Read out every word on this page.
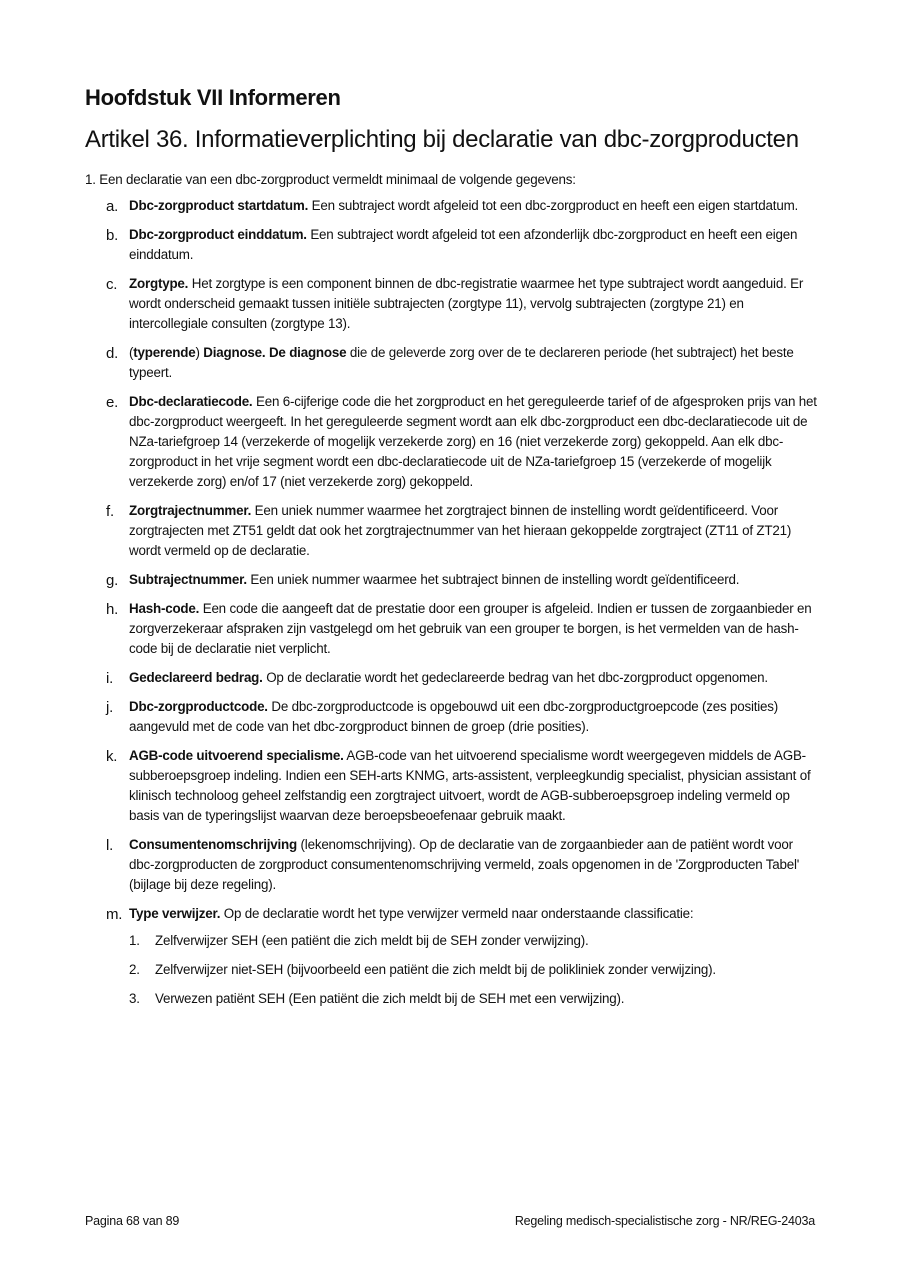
Hoofdstuk VII Informeren
Artikel 36. Informatieverplichting bij declaratie van dbc-zorgproducten

1. Een declaratie van een dbc-zorgproduct vermeldt minimaal de volgende gegevens:

a. Dbc-zorgproduct startdatum. Een subtraject wordt afgeleid tot een dbc-zorgproduct en heeft een eigen startdatum.
b. Dbc-zorgproduct einddatum. Een subtraject wordt afgeleid tot een afzonderlijk dbc-zorgproduct en heeft een eigen einddatum.
c. Zorgtype. Het zorgtype is een component binnen de dbc-registratie waarmee het type subtraject wordt aangeduid. Er wordt onderscheid gemaakt tussen initiële subtrajecten (zorgtype 11), vervolg subtrajecten (zorgtype 21) en intercollegiale consulten (zorgtype 13).
d. (typerende) Diagnose. De diagnose die de geleverde zorg over de te declareren periode (het subtraject) het beste typeert.
e. Dbc-declaratiecode. Een 6-cijferige code die het zorgproduct en het gereguleerde tarief of de afgesproken prijs van het dbc-zorgproduct weergeeft. In het gereguleerde segment wordt aan elk dbc-zorgproduct een dbc-declaratiecode uit de NZa-tariefgroep 14 (verzekerde of mogelijk verzekerde zorg) en 16 (niet verzekerde zorg) gekoppeld. Aan elk dbc-zorgproduct in het vrije segment wordt een dbc-declaratiecode uit de NZa-tariefgroep 15 (verzekerde of mogelijk verzekerde zorg) en/of 17 (niet verzekerde zorg) gekoppeld.
f. Zorgtrajectnummer. Een uniek nummer waarmee het zorgtraject binnen de instelling wordt geïdentificeerd. Voor zorgtrajecten met ZT51 geldt dat ook het zorgtrajectnummer van het hieraan gekoppelde zorgtraject (ZT11 of ZT21) wordt vermeld op de declaratie.
g. Subtrajectnummer. Een uniek nummer waarmee het subtraject binnen de instelling wordt geïdentificeerd.
h. Hash-code. Een code die aangeeft dat de prestatie door een grouper is afgeleid. Indien er tussen de zorgaanbieder en zorgverzekeraar afspraken zijn vastgelegd om het gebruik van een grouper te borgen, is het vermelden van de hash-code bij de declaratie niet verplicht.
i. Gedeclareerd bedrag. Op de declaratie wordt het gedeclareerde bedrag van het dbc-zorgproduct opgenomen.
j. Dbc-zorgproductcode. De dbc-zorgproductcode is opgebouwd uit een dbc-zorgproductgroepcode (zes posities) aangevuld met de code van het dbc-zorgproduct binnen de groep (drie posities).
k. AGB-code uitvoerend specialisme. AGB-code van het uitvoerend specialisme wordt weergegeven middels de AGB-subberoepsgroep indeling. Indien een SEH-arts KNMG, arts-assistent, verpleegkundig specialist, physician assistant of klinisch technoloog geheel zelfstandig een zorgtraject uitvoert, wordt de AGB-subberoepsgroep indeling vermeld op basis van de typeringslijst waarvan deze beroepsbeoefenaar gebruik maakt.
l. Consumentenomschrijving (lekenomschrijving). Op de declaratie van de zorgaanbieder aan de patiënt wordt voor dbc-zorgproducten de zorgproduct consumentenomschrijving vermeld, zoals opgenomen in de 'Zorgproducten Tabel' (bijlage bij deze regeling).
m. Type verwijzer. Op de declaratie wordt het type verwijzer vermeld naar onderstaande classificatie:
1. Zelfverwijzer SEH (een patiënt die zich meldt bij de SEH zonder verwijzing).
2. Zelfverwijzer niet-SEH (bijvoorbeeld een patiënt die zich meldt bij de polikliniek zonder verwijzing).
3. Verwezen patiënt SEH (Een patiënt die zich meldt bij de SEH met een verwijzing).
Pagina 68 van 89	Regeling medisch-specialistische zorg - NR/REG-2403a
